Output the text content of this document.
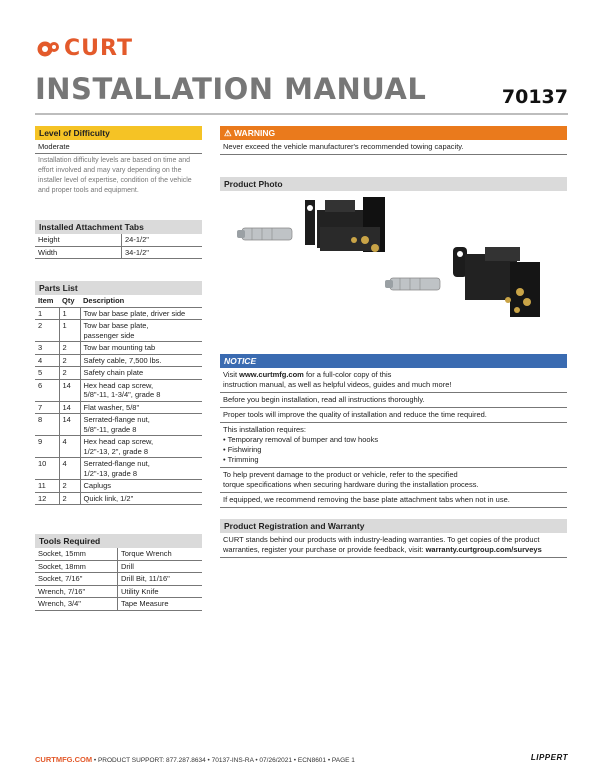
CURT
INSTALLATION MANUAL	70137
Level of Difficulty
Moderate
Installation difficulty levels are based on time and effort involved and may vary depending on the installer level of expertise, condition of the vehicle and proper tools and equipment.
Installed Attachment Tabs
Height	24-1/2"
Width	34-1/2"
Parts List
Item	Qty	Description
1	1	Tow bar base plate, driver side
2	1	Tow bar base plate,
passenger side
3	2	Tow bar mounting tab
4	2	Safety cable, 7,500 lbs.
5	2	Safety chain plate
6	14	Hex head cap screw,
5/8"-11, 1-3/4", grade 8
7	14	Flat washer, 5/8"
8	14	Serrated-flange nut,
5/8"-11, grade 8
9	4	Hex head cap screw,
1/2"-13, 2", grade 8
10	4	Serrated-flange nut,
1/2"-13, grade 8
11	2	Caplugs
12	2	Quick link, 1/2"
Tools Required
Socket, 15mm	Torque Wrench
Socket, 18mm	Drill
Socket, 7/16"	Drill Bit, 11/16"
Wrench, 7/16"	Utility Knife
Wrench, 3/4"	Tape Measure
⚠ WARNING
Never exceed the vehicle manufacturer's recommended towing capacity.
Product Photo
NOTICE
Visit www.curtmfg.com for a full-color copy of this
instruction manual, as well as helpful videos, guides and much more!
Before you begin installation, read all instructions thoroughly.
Proper tools will improve the quality of installation and reduce the time required.
This installation requires:
• Temporary removal of bumper and tow hooks
• Fishwiring
• Trimming
To help prevent damage to the product or vehicle, refer to the specified
torque specifications when securing hardware during the installation process.
If equipped, we recommend removing the base plate attachment tabs when not in use.
Product Registration and Warranty
CURT stands behind our products with industry-leading warranties. To get copies of the product warranties, register your purchase or provide feedback, visit: warranty.curtgroup.com/surveys
CURTMFG.COM • PRODUCT SUPPORT: 877.287.8634 • 70137-INS-RA • 07/26/2021 • ECN8601 • PAGE 1	LIPPERT
